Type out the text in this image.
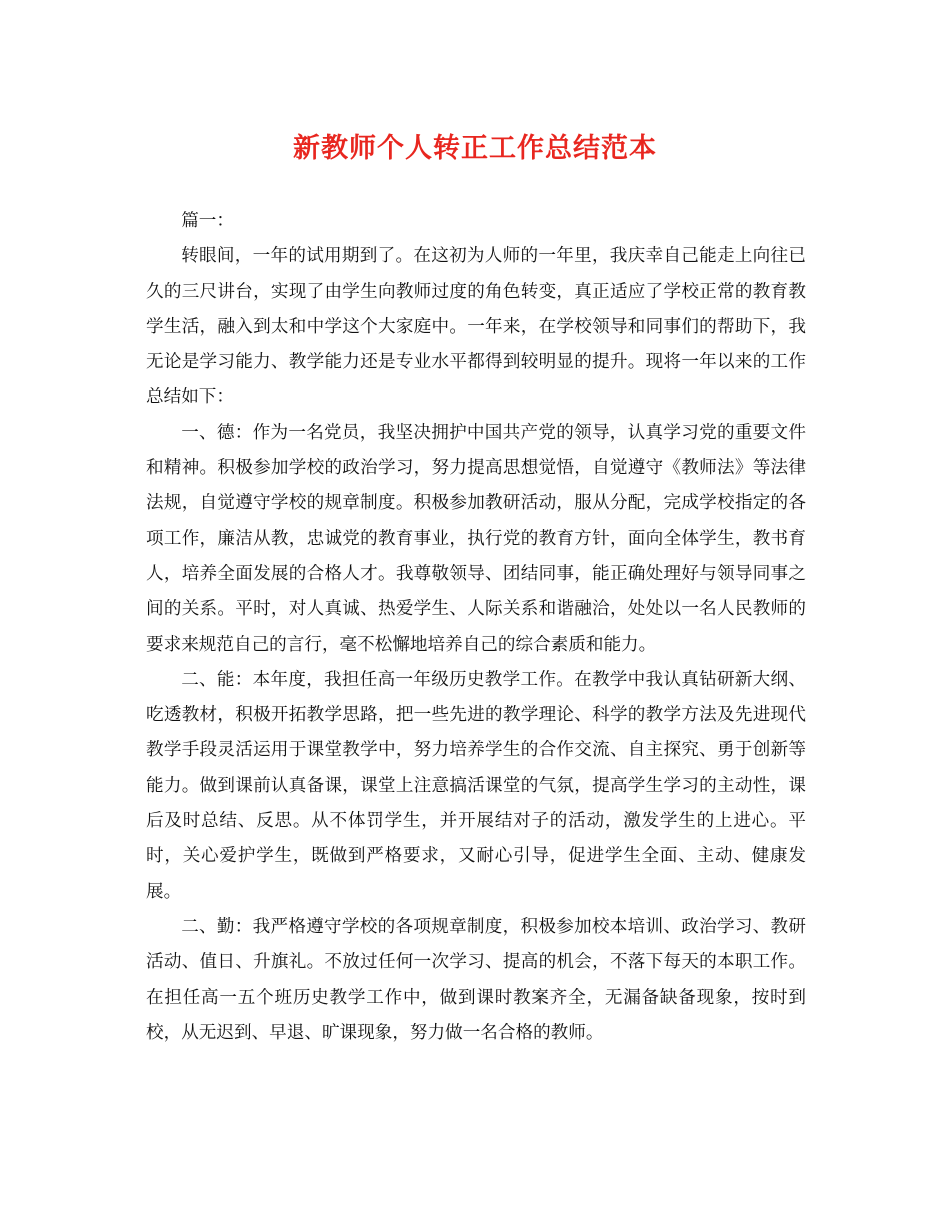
新教师个人转正工作总结范本

篇一：

转眼间，一年的试用期到了。在这初为人师的一年里，我庆幸自己能走上向往已久的三尺讲台，实现了由学生向教师过度的角色转变，真正适应了学校正常的教育教学生活，融入到太和中学这个大家庭中。一年来，在学校领导和同事们的帮助下，我无论是学习能力、教学能力还是专业水平都得到较明显的提升。现将一年以来的工作总结如下：

一、德：作为一名党员，我坚决拥护中国共产党的领导，认真学习党的重要文件和精神。积极参加学校的政治学习，努力提高思想觉悟，自觉遵守《教师法》等法律法规，自觉遵守学校的规章制度。积极参加教研活动，服从分配，完成学校指定的各项工作，廉洁从教，忠诚党的教育事业，执行党的教育方针，面向全体学生，教书育人，培养全面发展的合格人才。我尊敬领导、团结同事，能正确处理好与领导同事之间的关系。平时，对人真诚、热爱学生、人际关系和谐融洽，处处以一名人民教师的要求来规范自己的言行，毫不松懈地培养自己的综合素质和能力。

二、能：本年度，我担任高一年级历史教学工作。在教学中我认真钻研新大纲、吃透教材，积极开拓教学思路，把一些先进的教学理论、科学的教学方法及先进现代教学手段灵活运用于课堂教学中，努力培养学生的合作交流、自主探究、勇于创新等能力。做到课前认真备课，课堂上注意搞活课堂的气氛，提高学生学习的主动性，课后及时总结、反思。从不体罚学生，并开展结对子的活动，激发学生的上进心。平时，关心爱护学生，既做到严格要求，又耐心引导，促进学生全面、主动、健康发展。

二、勤：我严格遵守学校的各项规章制度，积极参加校本培训、政治学习、教研活动、值日、升旗礼。不放过任何一次学习、提高的机会，不落下每天的本职工作。在担任高一五个班历史教学工作中，做到课时教案齐全，无漏备缺备现象，按时到校，从无迟到、早退、旷课现象，努力做一名合格的教师。
